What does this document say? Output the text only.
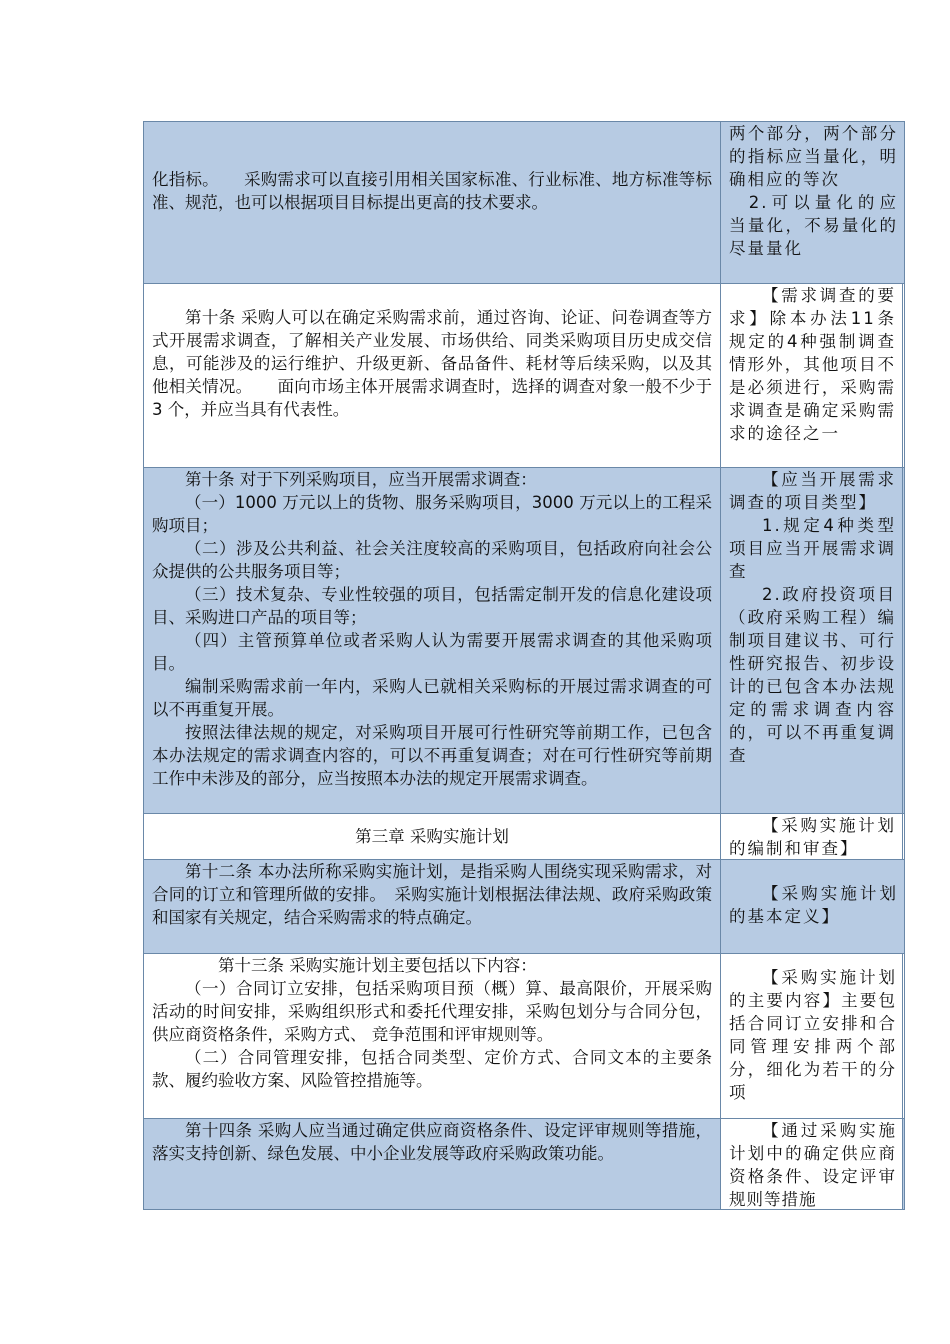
化指标。　　采购需求可以直接引用相关国家标准、行业标准、地方标准等标准、规范，也可以根据项目目标提出更高的技术要求。

两个部分，两个部分的指标应当量化，明确相应的等次

2.可以量化的应当量化，不易量化的尽量量化

第十条 采购人可以在确定采购需求前，通过咨询、论证、问卷调查等方式开展需求调查，了解相关产业发展、市场供给、同类采购项目历史成交信息，可能涉及的运行维护、升级更新、备品备件、耗材等后续采购，以及其他相关情况。　　面向市场主体开展需求调查时，选择的调查对象一般不少于 3 个，并应当具有代表性。

【需求调查的要求】除本办法11条规定的4种强制调查情形外，其他项目不是必须进行，采购需求调查是确定采购需求的途径之一

第十条 对于下列采购项目，应当开展需求调查：

（一）1000 万元以上的货物、服务采购项目，3000 万元以上的工程采购项目；

（二）涉及公共利益、社会关注度较高的采购项目，包括政府向社会公众提供的公共服务项目等；

（三）技术复杂、专业性较强的项目，包括需定制开发的信息化建设项目、采购进口产品的项目等；

（四）主管预算单位或者采购人认为需要开展需求调查的其他采购项目。

编制采购需求前一年内，采购人已就相关采购标的开展过需求调查的可以不再重复开展。

按照法律法规的规定，对采购项目开展可行性研究等前期工作，已包含本办法规定的需求调查内容的，可以不再重复调查；对在可行性研究等前期工作中未涉及的部分，应当按照本办法的规定开展需求调查。

【应当开展需求调查的项目类型】

1.规定4种类型项目应当开展需求调查

2.政府投资项目（政府采购工程）编制项目建议书、可行性研究报告、初步设计的已包含本办法规定的需求调查内容的，可以不再重复调查

第三章 采购实施计划

【采购实施计划的编制和审查】

第十二条 本办法所称采购实施计划，是指采购人围绕实现采购需求，对合同的订立和管理所做的安排。　采购实施计划根据法律法规、政府采购政策和国家有关规定，结合采购需求的特点确定。

【采购实施计划的基本定义】

第十三条 采购实施计划主要包括以下内容：

（一）合同订立安排，包括采购项目预（概）算、最高限价，开展采购活动的时间安排，采购组织形式和委托代理安排，采购包划分与合同分包，供应商资格条件，采购方式、 竞争范围和评审规则等。

（二）合同管理安排，包括合同类型、定价方式、合同文本的主要条款、履约验收方案、风险管控措施等。

【采购实施计划的主要内容】主要包括合同订立安排和合同管理安排两个部分，细化为若干的分项

第十四条 采购人应当通过确定供应商资格条件、设定评审规则等措施，落实支持创新、绿色发展、中小企业发展等政府采购政策功能。

【通过采购实施计划中的确定供应商资格条件、设定评审规则等措施
